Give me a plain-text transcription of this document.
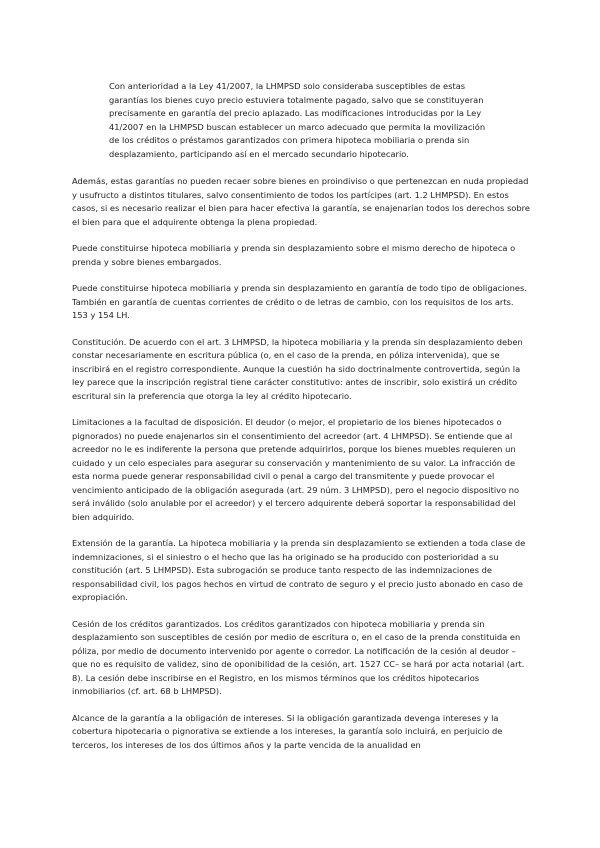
Con anterioridad a la Ley 41/2007, la LHMPSD solo consideraba susceptibles de estas garantías los bienes cuyo precio estuviera totalmente pagado, salvo que se constituyeran precisamente en garantía del precio aplazado. Las modificaciones introducidas por la Ley 41/2007 en la LHMPSD buscan establecer un marco adecuado que permita la movilización de los créditos o préstamos garantizados con primera hipoteca mobiliaria o prenda sin desplazamiento, participando así en el mercado secundario hipotecario.

Además, estas garantías no pueden recaer sobre bienes en proindiviso o que pertenezcan en nuda propiedad y usufructo a distintos titulares, salvo consentimiento de todos los partícipes (art. 1.2 LHMPSD). En estos casos, si es necesario realizar el bien para hacer efectiva la garantía, se enajenarían todos los derechos sobre el bien para que el adquirente obtenga la plena propiedad.

Puede constituirse hipoteca mobiliaria y prenda sin desplazamiento sobre el mismo derecho de hipoteca o prenda y sobre bienes embargados.

Puede constituirse hipoteca mobiliaria y prenda sin desplazamiento en garantía de todo tipo de obligaciones. También en garantía de cuentas corrientes de crédito o de letras de cambio, con los requisitos de los arts. 153 y 154 LH.

Constitución. De acuerdo con el art. 3 LHMPSD, la hipoteca mobiliaria y la prenda sin desplazamiento deben constar necesariamente en escritura pública (o, en el caso de la prenda, en póliza intervenida), que se inscribirá en el registro correspondiente. Aunque la cuestión ha sido doctrinalmente controvertida, según la ley parece que la inscripción registral tiene carácter constitutivo: antes de inscribir, solo existirá un crédito escritural sin la preferencia que otorga la ley al crédito hipotecario.

Limitaciones a la facultad de disposición. El deudor (o mejor, el propietario de los bienes hipotecados o pignorados) no puede enajenarlos sin el consentimiento del acreedor (art. 4 LHMPSD). Se entiende que al acreedor no le es indiferente la persona que pretende adquirirlos, porque los bienes muebles requieren un cuidado y un celo especiales para asegurar su conservación y mantenimiento de su valor. La infracción de esta norma puede generar responsabilidad civil o penal a cargo del transmitente y puede provocar el vencimiento anticipado de la obligación asegurada (art. 29 núm. 3 LHMPSD), pero el negocio dispositivo no será inválido (solo anulable por el acreedor) y el tercero adquirente deberá soportar la responsabilidad del bien adquirido.

Extensión de la garantía. La hipoteca mobiliaria y la prenda sin desplazamiento se extienden a toda clase de indemnizaciones, si el siniestro o el hecho que las ha originado se ha producido con posterioridad a su constitución (art. 5 LHMPSD). Esta subrogación se produce tanto respecto de las indemnizaciones de responsabilidad civil, los pagos hechos en virtud de contrato de seguro y el precio justo abonado en caso de expropiación.

Cesión de los créditos garantizados. Los créditos garantizados con hipoteca mobiliaria y prenda sin desplazamiento son susceptibles de cesión por medio de escritura o, en el caso de la prenda constituida en póliza, por medio de documento intervenido por agente o corredor. La notificación de la cesión al deudor –que no es requisito de validez, sino de oponibilidad de la cesión, art. 1527 CC– se hará por acta notarial (art. 8). La cesión debe inscribirse en el Registro, en los mismos términos que los créditos hipotecarios inmobiliarios (cf. art. 68 b LHMPSD).

Alcance de la garantía a la obligación de intereses. Si la obligación garantizada devenga intereses y la cobertura hipotecaria o pignorativa se extiende a los intereses, la garantía solo incluirá, en perjuicio de terceros, los intereses de los dos últimos años y la parte vencida de la anualidad en
